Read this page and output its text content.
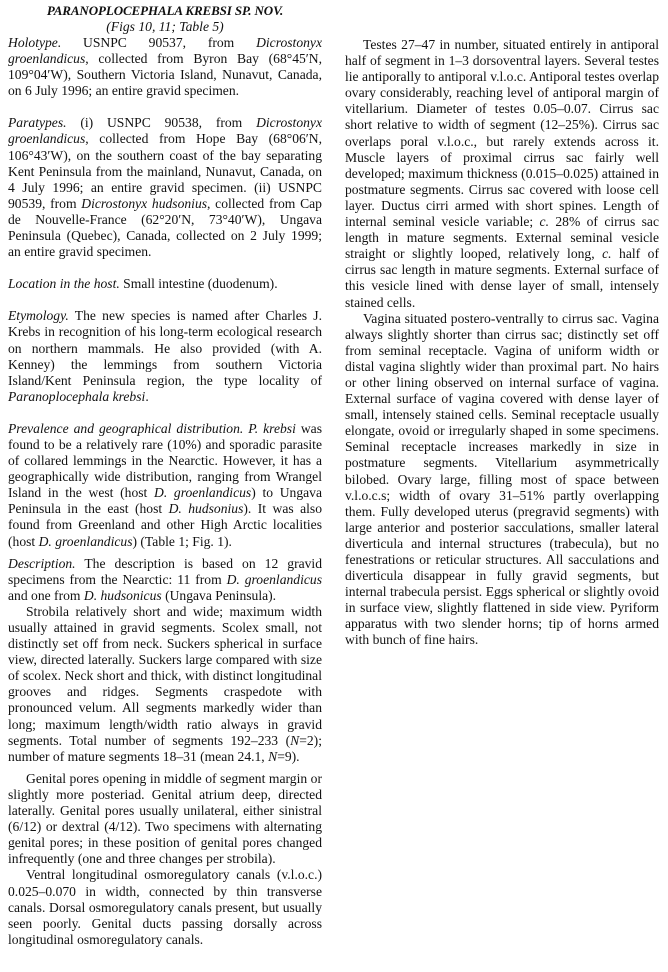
PARANOPLOCEPHALA KREBSI SP. NOV.
(Figs 10, 11; Table 5)

Holotype. USNPC 90537, from Dicrostonyx groenlandicus, collected from Byron Bay (68°45′N, 109°04′W), Southern Victoria Island, Nunavut, Canada, on 6 July 1996; an entire gravid specimen.

Paratypes. (i) USNPC 90538, from Dicrostonyx groenlandicus, collected from Hope Bay (68°06′N, 106°43′W), on the southern coast of the bay separating Kent Peninsula from the mainland, Nunavut, Canada, on 4 July 1996; an entire gravid specimen. (ii) USNPC 90539, from Dicrostonyx hudsonius, collected from Cap de Nouvelle-France (62°20′N, 73°40′W), Ungava Peninsula (Quebec), Canada, collected on 2 July 1999; an entire gravid specimen.

Location in the host. Small intestine (duodenum).

Etymology. The new species is named after Charles J. Krebs in recognition of his long-term ecological research on northern mammals. He also provided (with A. Kenney) the lemmings from southern Victoria Island/Kent Peninsula region, the type locality of Paranoplocephala krebsi.

Prevalence and geographical distribution. P. krebsi was found to be a relatively rare (10%) and sporadic parasite of collared lemmings in the Nearctic. However, it has a geographically wide distribution, ranging from Wrangel Island in the west (host D. groenlandicus) to Ungava Peninsula in the east (host D. hudsonius). It was also found from Greenland and other High Arctic localities (host D. groenlandicus) (Table 1; Fig. 1).

Description. The description is based on 12 gravid specimens from the Nearctic: 11 from D. groenlandicus and one from D. hudsonicus (Ungava Peninsula).

Strobila relatively short and wide; maximum width usually attained in gravid segments. Scolex small, not distinctly set off from neck. Suckers spherical in surface view, directed laterally. Suckers large compared with size of scolex. Neck short and thick, with distinct longitudinal grooves and ridges. Segments craspedote with pronounced velum. All segments markedly wider than long; maximum length/width ratio always in gravid segments. Total number of segments 192–233 (N=2); number of mature segments 18–31 (mean 24.1, N=9).

Genital pores opening in middle of segment margin or slightly more posteriad. Genital atrium deep, directed laterally. Genital pores usually unilateral, either sinistral (6/12) or dextral (4/12). Two specimens with alternating genital pores; in these position of genital pores changed infrequently (one and three changes per strobila).

Ventral longitudinal osmoregulatory canals (v.l.o.c.) 0.025–0.070 in width, connected by thin transverse canals. Dorsal osmoregulatory canals present, but usually seen poorly. Genital ducts passing dorsally across longitudinal osmoregulatory canals.

Testes 27–47 in number, situated entirely in antiporal half of segment in 1–3 dorsoventral layers. Several testes lie antiporally to antiporal v.l.o.c. Antiporal testes overlap ovary considerably, reaching level of antiporal margin of vitellarium. Diameter of testes 0.05–0.07. Cirrus sac short relative to width of segment (12–25%). Cirrus sac overlaps poral v.l.o.c., but rarely extends across it. Muscle layers of proximal cirrus sac fairly well developed; maximum thickness (0.015–0.025) attained in postmature segments. Cirrus sac covered with loose cell layer. Ductus cirri armed with short spines. Length of internal seminal vesicle variable; c. 28% of cirrus sac length in mature segments. External seminal vesicle straight or slightly looped, relatively long, c. half of cirrus sac length in mature segments. External surface of this vesicle lined with dense layer of small, intensely stained cells.

Vagina situated postero-ventrally to cirrus sac. Vagina always slightly shorter than cirrus sac; distinctly set off from seminal receptacle. Vagina of uniform width or distal vagina slightly wider than proximal part. No hairs or other lining observed on internal surface of vagina. External surface of vagina covered with dense layer of small, intensely stained cells. Seminal receptacle usually elongate, ovoid or irregularly shaped in some specimens. Seminal receptacle increases markedly in size in postmature segments. Vitellarium asymmetrically bilobed. Ovary large, filling most of space between v.l.o.c.s; width of ovary 31–51% partly overlapping them. Fully developed uterus (pregravid segments) with large anterior and posterior sacculations, smaller lateral diverticula and internal structures (trabecula), but no fenestrations or reticular structures. All sacculations and diverticula disappear in fully gravid segments, but internal trabecula persist. Eggs spherical or slightly ovoid in surface view, slightly flattened in side view. Pyriform apparatus with two slender horns; tip of horns armed with bunch of fine hairs.
